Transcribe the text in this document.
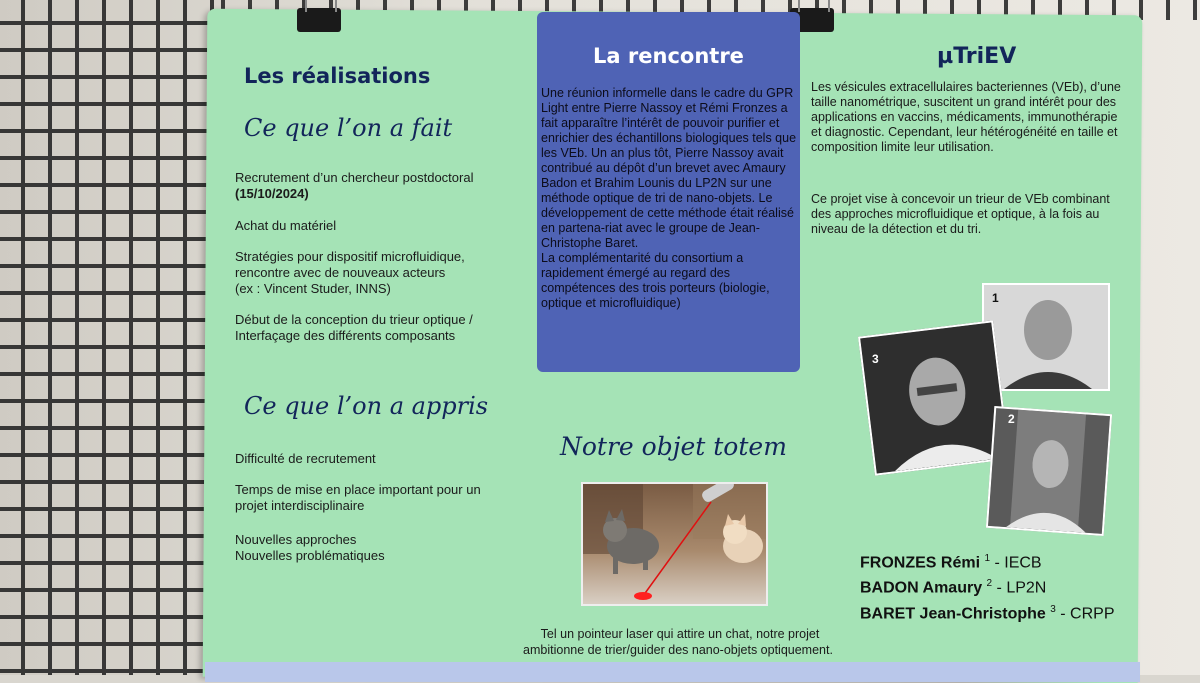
Les réalisations
Ce que l’on a fait
Recrutement d’un chercheur postdoctoral
(15/10/2024)
Achat du matériel
Stratégies pour dispositif microfluidique,
rencontre avec de nouveaux acteurs
(ex : Vincent Studer, INNS)
Début de la conception du trieur optique /
Interfaçage des différents composants
Ce que l’on a appris
Difficulté de recrutement
Temps de mise en place important pour un
projet interdisciplinaire
Nouvelles approches
Nouvelles problématiques
La rencontre
Une réunion informelle dans le cadre du GPR Light entre Pierre Nassoy et Rémi Fronzes a fait apparaître l’intérêt de pouvoir purifier et enrichier des échantillons biologiques tels que les VEb. Un an plus tôt, Pierre Nassoy avait contribué au dépôt d’un brevet avec Amaury Badon et Brahim Lounis du LP2N sur une méthode optique de tri de nano-objets. Le développement de cette méthode était réalisé en partena-riat avec le groupe de Jean-Christophe Baret.
La complémentarité du consortium a rapidement émergé au regard des compétences des trois porteurs (biologie, optique et microfluidique)
Notre objet totem
Tel un pointeur laser qui attire un chat, notre projet
ambitionne de trier/guider des nano-objets optiquement.
µTriEV
Les vésicules extracellulaires bacteriennes (VEb), d’une taille nanométrique, suscitent un grand intérêt pour des applications en vaccins, médicaments, immunothérapie et diagnostic. Cependant, leur hétérogénéité en taille et composition limite leur utilisation.
Ce projet vise à concevoir un trieur de VEb combinant des approches microfluidique et optique, à la fois au niveau de la détection et du tri.
1
3
2
FRONZES Rémi $^1$ - IECB
BADON Amaury $^2$ - LP2N
BARET Jean-Christophe $^3$ - CRPP
